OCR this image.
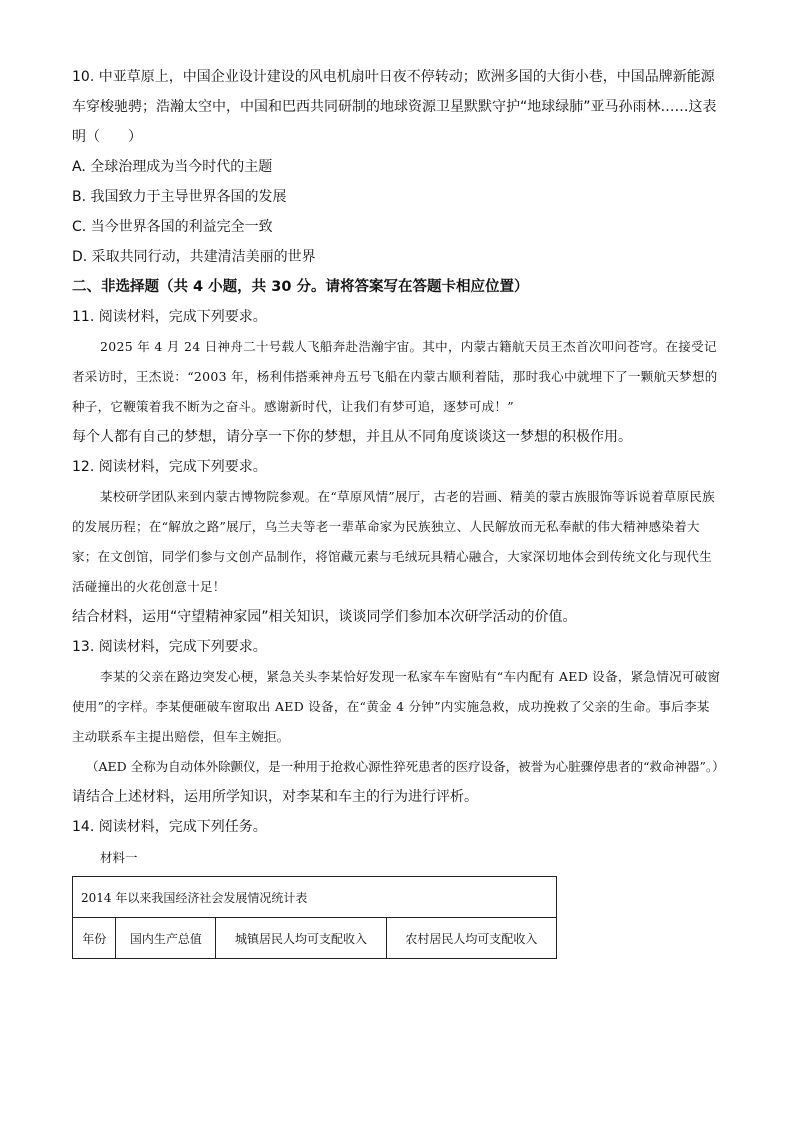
10. 中亚草原上，中国企业设计建设的风电机扇叶日夜不停转动；欧洲多国的大街小巷，中国品牌新能源车穿梭驰骋；浩瀚太空中，中国和巴西共同研制的地球资源卫星默默守护“地球绿肺”亚马孙雨林……这表明（　　）

A. 全球治理成为当今时代的主题

B. 我国致力于主导世界各国的发展

C. 当今世界各国的利益完全一致

D. 采取共同行动，共建清洁美丽的世界

二、非选择题（共 4 小题，共 30 分。请将答案写在答题卡相应位置）

11. 阅读材料，完成下列要求。

2025 年 4 月 24 日神舟二十号载人飞船奔赴浩瀚宇宙。其中，内蒙古籍航天员王杰首次叩问苍穹。在接受记者采访时，王杰说：“2003 年，杨利伟搭乘神舟五号飞船在内蒙古顺利着陆，那时我心中就埋下了一颗航天梦想的种子，它鞭策着我不断为之奋斗。感谢新时代，让我们有梦可追，逐梦可成！”

每个人都有自己的梦想，请分享一下你的梦想，并且从不同角度谈谈这一梦想的积极作用。

12. 阅读材料，完成下列要求。

某校研学团队来到内蒙古博物院参观。在“草原风情”展厅，古老的岩画、精美的蒙古族服饰等诉说着草原民族的发展历程；在“解放之路”展厅，乌兰夫等老一辈革命家为民族独立、人民解放而无私奉献的伟大精神感染着大家；在文创馆，同学们参与文创产品制作，将馆藏元素与毛绒玩具精心融合，大家深切地体会到传统文化与现代生活碰撞出的火花创意十足！

结合材料，运用“守望精神家园”相关知识，谈谈同学们参加本次研学活动的价值。

13. 阅读材料，完成下列要求。

李某的父亲在路边突发心梗，紧急关头李某恰好发现一私家车车窗贴有“车内配有 AED 设备，紧急情况可破窗使用”的字样。李某便砸破车窗取出 AED 设备，在“黄金 4 分钟”内实施急救，成功挽救了父亲的生命。事后李某主动联系车主提出赔偿，但车主婉拒。

（AED 全称为自动体外除颤仪，是一种用于抢救心源性猝死患者的医疗设备，被誉为心脏骤停患者的“救命神器”。）

请结合上述材料，运用所学知识，对李某和车主的行为进行评析。

14. 阅读材料，完成下列任务。

材料一

2014 年以来我国经济社会发展情况统计表
年份	国内生产总值	城镇居民人均可支配收入	农村居民人均可支配收入
